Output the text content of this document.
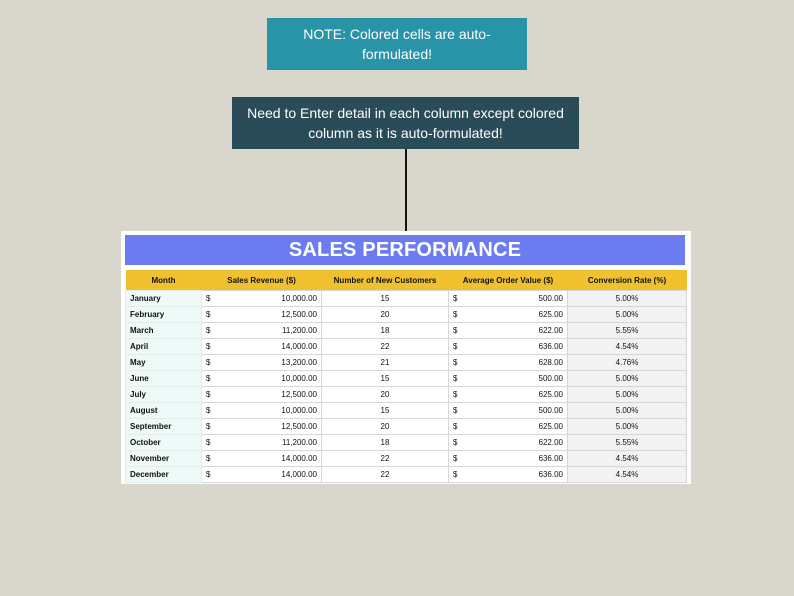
NOTE: Colored cells are auto-formulated!
Need to Enter detail in each column except colored column as it is auto-formulated!
SALES PERFORMANCE
Month	Sales Revenue ($)	Number of New Customers	Average Order Value ($)	Conversion Rate (%)
January	$ 10,000.00	15	$ 500.00	5.00%
February	$ 12,500.00	20	$ 625.00	5.00%
March	$ 11,200.00	18	$ 622.00	5.55%
April	$ 14,000.00	22	$ 636.00	4.54%
May	$ 13,200.00	21	$ 628.00	4.76%
June	$ 10,000.00	15	$ 500.00	5.00%
July	$ 12,500.00	20	$ 625.00	5.00%
August	$ 10,000.00	15	$ 500.00	5.00%
September	$ 12,500.00	20	$ 625.00	5.00%
October	$ 11,200.00	18	$ 622.00	5.55%
November	$ 14,000.00	22	$ 636.00	4.54%
December	$ 14,000.00	22	$ 636.00	4.54%
